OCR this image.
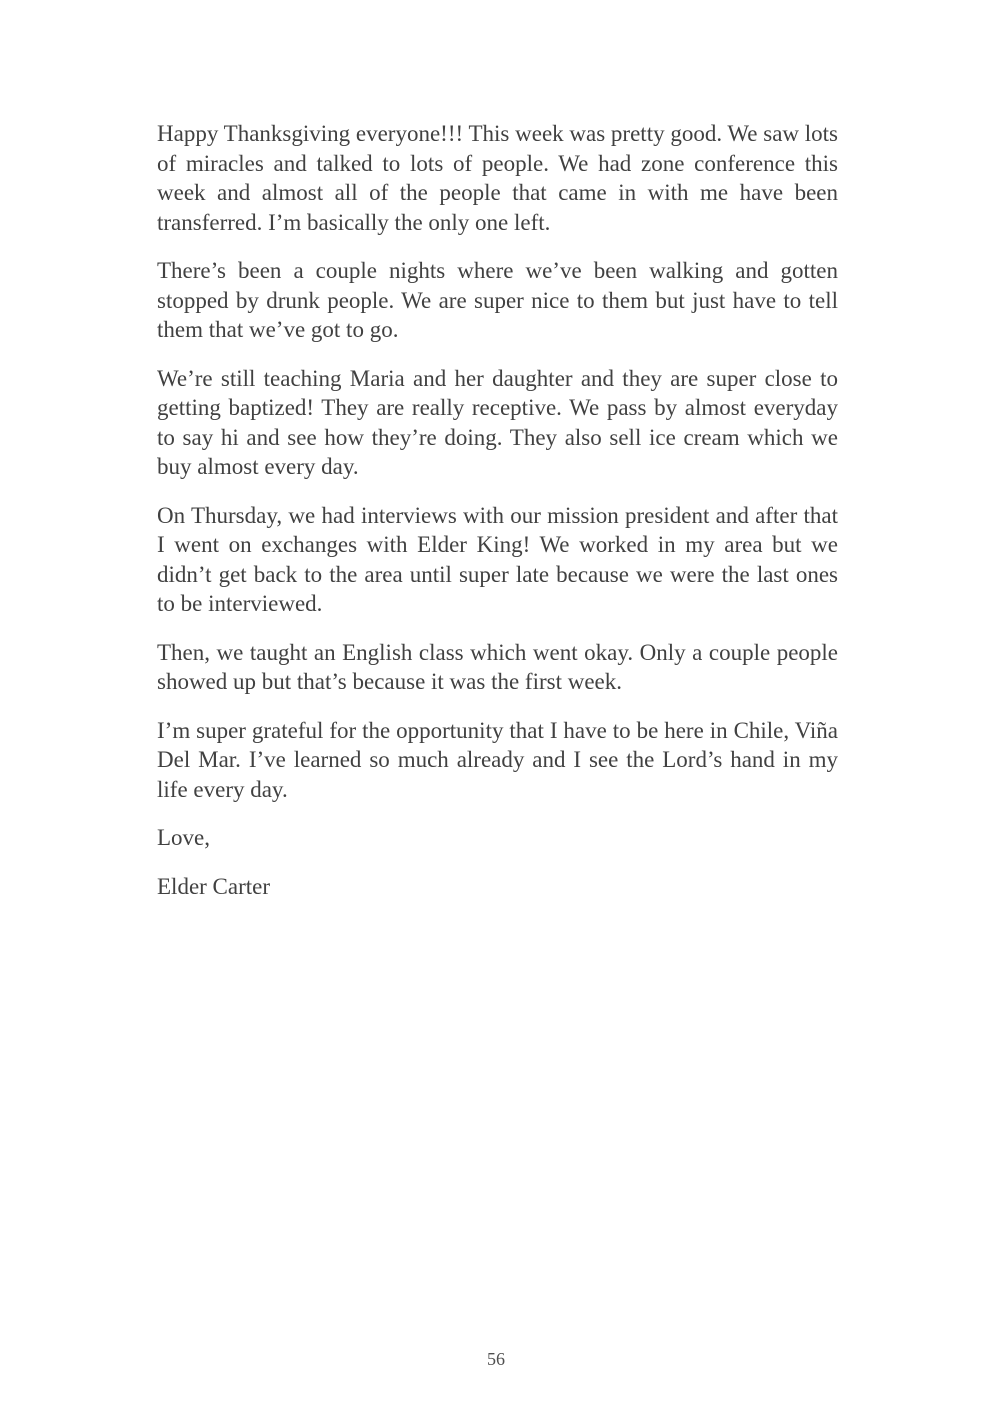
Happy Thanksgiving everyone!!! This week was pretty good. We saw lots of miracles and talked to lots of people. We had zone conference this week and almost all of the people that came in with me have been transferred. I’m basically the only one left.

There’s been a couple nights where we’ve been walking and gotten stopped by drunk people. We are super nice to them but just have to tell them that we’ve got to go.

We’re still teaching Maria and her daughter and they are super close to getting baptized! They are really receptive. We pass by almost everyday to say hi and see how they’re doing. They also sell ice cream which we buy almost every day.

On Thursday, we had interviews with our mission president and after that I went on exchanges with Elder King! We worked in my area but we didn’t get back to the area until super late because we were the last ones to be interviewed.

Then, we taught an English class which went okay. Only a couple people showed up but that’s because it was the first week.

I’m super grateful for the opportunity that I have to be here in Chile, Viña Del Mar. I’ve learned so much already and I see the Lord’s hand in my life every day.

Love,

Elder Carter

56
